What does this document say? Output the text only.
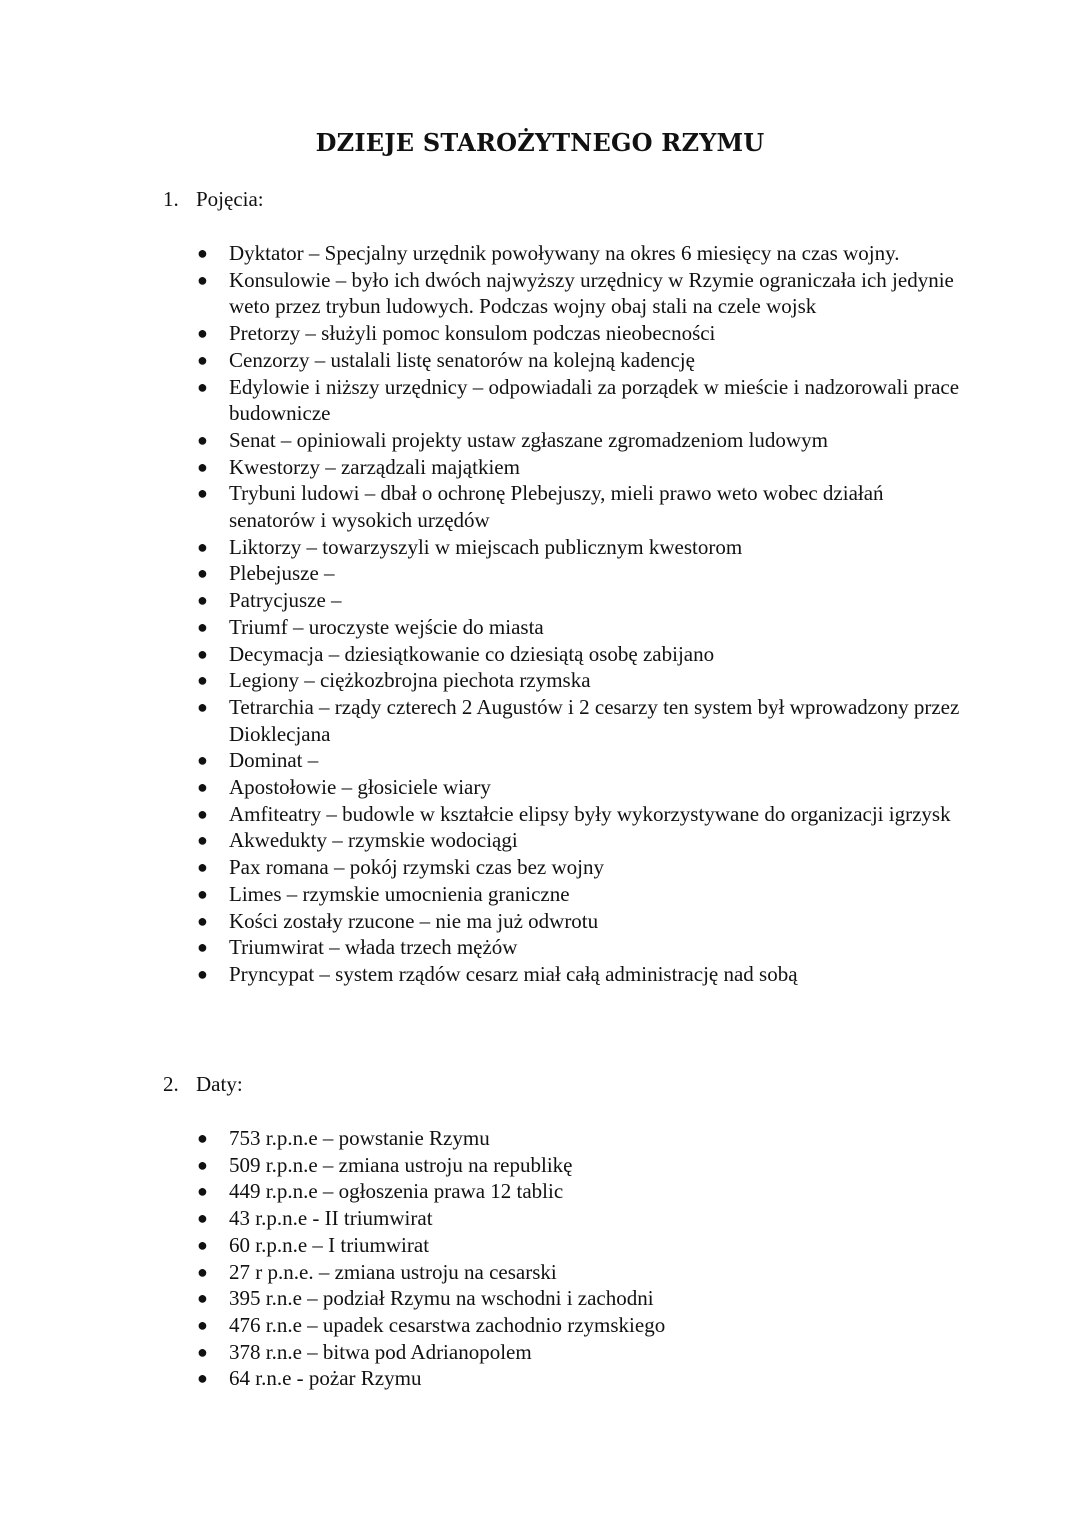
DZIEJE STAROŻYTNEGO RZYMU
1. Pojęcia:
● Dyktator – Specjalny urzędnik powoływany na okres 6 miesięcy na czas wojny.
● Konsulowie – było ich dwóch najwyższy urzędnicy w Rzymie ograniczała ich jedynie weto przez trybun ludowych. Podczas wojny obaj stali na czele wojsk
● Pretorzy – służyli pomoc konsulom podczas nieobecności
● Cenzorzy – ustalali listę senatorów na kolejną kadencję
● Edylowie i niższy urzędnicy – odpowiadali za porządek w mieście i nadzorowali prace budownicze
● Senat – opiniowali projekty ustaw zgłaszane zgromadzeniom ludowym
● Kwestorzy – zarządzali majątkiem
● Trybuni ludowi – dbał o ochronę Plebejuszy, mieli prawo weto wobec działań senatorów i wysokich urzędów
● Liktorzy – towarzyszyli w miejscach publicznym kwestorom
● Plebejusze –
● Patrycjusze –
● Triumf – uroczyste wejście do miasta
● Decymacja – dziesiątkowanie co dziesiątą osobę zabijano
● Legiony – ciężkozbrojna piechota rzymska
● Tetrarchia – rządy czterech 2 Augustów i 2 cesarzy ten system był wprowadzony przez Dioklecjana
● Dominat –
● Apostołowie – głosiciele wiary
● Amfiteatry – budowle w kształcie elipsy były wykorzystywane do organizacji igrzysk
● Akwedukty – rzymskie wodociągi
● Pax romana – pokój rzymski czas bez wojny
● Limes – rzymskie umocnienia graniczne
● Kości zostały rzucone – nie ma już odwrotu
● Triumwirat – włada trzech mężów
● Pryncypat – system rządów cesarz miał całą administrację nad sobą
2. Daty:
● 753 r.p.n.e – powstanie Rzymu
● 509 r.p.n.e – zmiana ustroju na republikę
● 449 r.p.n.e – ogłoszenia prawa 12 tablic
● 43 r.p.n.e - II triumwirat
● 60 r.p.n.e – I triumwirat
● 27 r p.n.e. – zmiana ustroju na cesarski
● 395 r.n.e – podział Rzymu na wschodni i zachodni
● 476 r.n.e – upadek cesarstwa zachodnio rzymskiego
● 378 r.n.e – bitwa pod Adrianopolem
● 64 r.n.e - pożar Rzymu
